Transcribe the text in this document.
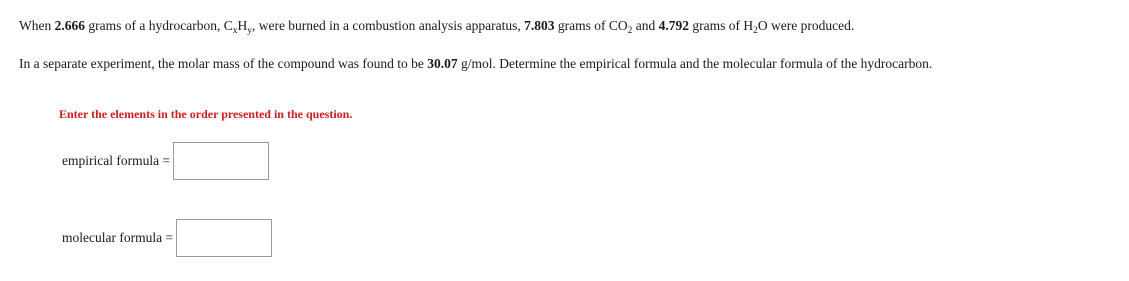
When 2.666 grams of a hydrocarbon, $C_xH_y$, were burned in a combustion analysis apparatus, 7.803 grams of $CO_2$ and 4.792 grams of $H_2O$ were produced.
In a separate experiment, the molar mass of the compound was found to be 30.07 g/mol. Determine the empirical formula and the molecular formula of the hydrocarbon.
Enter the elements in the order presented in the question.
empirical formula =
molecular formula =
